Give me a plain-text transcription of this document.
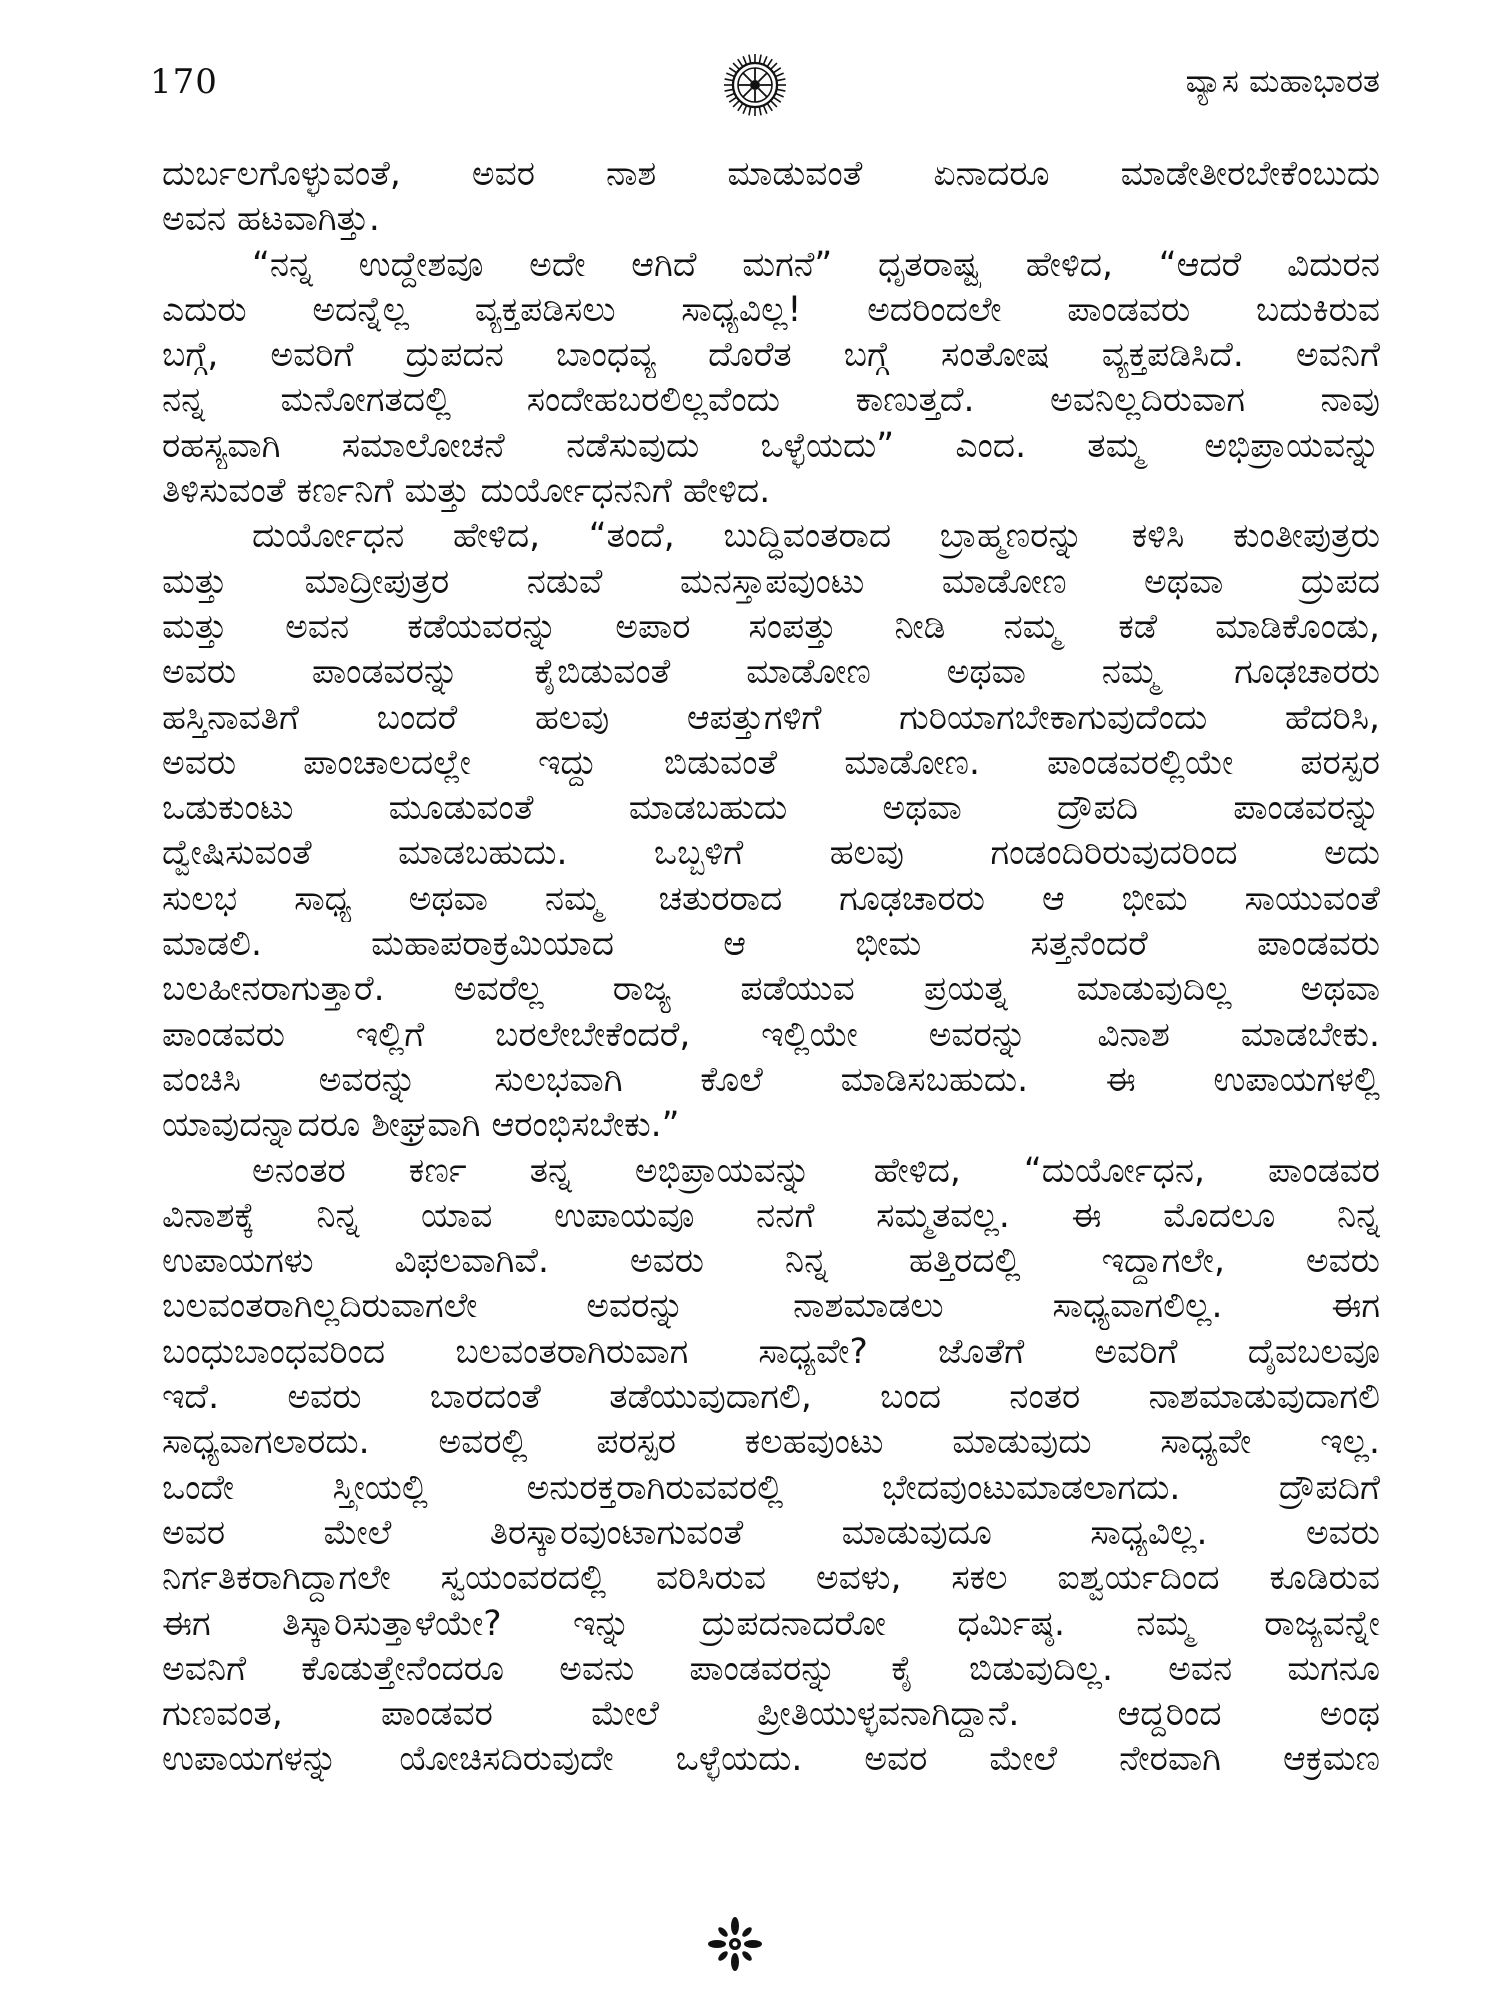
170	ವ್ಯಾಸ ಮಹಾಭಾರತ
ದುರ್ಬಲಗೊಳ್ಳುವಂತೆ, ಅವರ ನಾಶ ಮಾಡುವಂತೆ ಏನಾದರೂ ಮಾಡೇತೀರಬೇಕೆಂಬುದು
ಅವನ ಹಟವಾಗಿತ್ತು.
“ನನ್ನ ಉದ್ದೇಶವೂ ಅದೇ ಆಗಿದೆ ಮಗನೆ” ಧೃತರಾಷ್ಟ್ರ ಹೇಳಿದ, “ಆದರೆ ವಿದುರನ
ಎದುರು ಅದನ್ನೆಲ್ಲ ವ್ಯಕ್ತಪಡಿಸಲು ಸಾಧ್ಯವಿಲ್ಲ! ಅದರಿಂದಲೇ ಪಾಂಡವರು ಬದುಕಿರುವ
ಬಗ್ಗೆ, ಅವರಿಗೆ ದ್ರುಪದನ ಬಾಂಧವ್ಯ ದೊರೆತ ಬಗ್ಗೆ ಸಂತೋಷ ವ್ಯಕ್ತಪಡಿಸಿದೆ. ಅವನಿಗೆ
ನನ್ನ ಮನೋಗತದಲ್ಲಿ ಸಂದೇಹಬರಲಿಲ್ಲವೆಂದು ಕಾಣುತ್ತದೆ. ಅವನಿಲ್ಲದಿರುವಾಗ ನಾವು
ರಹಸ್ಯವಾಗಿ ಸಮಾಲೋಚನೆ ನಡೆಸುವುದು ಒಳ್ಳೆಯದು” ಎಂದ. ತಮ್ಮ ಅಭಿಪ್ರಾಯವನ್ನು
ತಿಳಿಸುವಂತೆ ಕರ್ಣನಿಗೆ ಮತ್ತು ದುರ್ಯೋಧನನಿಗೆ ಹೇಳಿದ.
ದುರ್ಯೋಧನ ಹೇಳಿದ, “ತಂದೆ, ಬುದ್ಧಿವಂತರಾದ ಬ್ರಾಹ್ಮಣರನ್ನು ಕಳಿಸಿ ಕುಂತೀಪುತ್ರರು
ಮತ್ತು ಮಾದ್ರೀಪುತ್ರರ ನಡುವೆ ಮನಸ್ತಾಪವುಂಟು ಮಾಡೋಣ ಅಥವಾ ದ್ರುಪದ
ಮತ್ತು ಅವನ ಕಡೆಯವರನ್ನು ಅಪಾರ ಸಂಪತ್ತು ನೀಡಿ ನಮ್ಮ ಕಡೆ ಮಾಡಿಕೊಂಡು,
ಅವರು ಪಾಂಡವರನ್ನು ಕೈಬಿಡುವಂತೆ ಮಾಡೋಣ ಅಥವಾ ನಮ್ಮ ಗೂಢಚಾರರು
ಹಸ್ತಿನಾವತಿಗೆ ಬಂದರೆ ಹಲವು ಆಪತ್ತುಗಳಿಗೆ ಗುರಿಯಾಗಬೇಕಾಗುವುದೆಂದು ಹೆದರಿಸಿ,
ಅವರು ಪಾಂಚಾಲದಲ್ಲೇ ಇದ್ದು ಬಿಡುವಂತೆ ಮಾಡೋಣ. ಪಾಂಡವರಲ್ಲಿಯೇ ಪರಸ್ಪರ
ಒಡುಕುಂಟು ಮೂಡುವಂತೆ ಮಾಡಬಹುದು ಅಥವಾ ದ್ರೌಪದಿ ಪಾಂಡವರನ್ನು
ದ್ವೇಷಿಸುವಂತೆ ಮಾಡಬಹುದು. ಒಬ್ಬಳಿಗೆ ಹಲವು ಗಂಡಂದಿರಿರುವುದರಿಂದ ಅದು
ಸುಲಭ ಸಾಧ್ಯ ಅಥವಾ ನಮ್ಮ ಚತುರರಾದ ಗೂಢಚಾರರು ಆ ಭೀಮ ಸಾಯುವಂತೆ
ಮಾಡಲಿ. ಮಹಾಪರಾಕ್ರಮಿಯಾದ ಆ ಭೀಮ ಸತ್ತನೆಂದರೆ ಪಾಂಡವರು
ಬಲಹೀನರಾಗುತ್ತಾರೆ. ಅವರೆಲ್ಲ ರಾಜ್ಯ ಪಡೆಯುವ ಪ್ರಯತ್ನ ಮಾಡುವುದಿಲ್ಲ ಅಥವಾ
ಪಾಂಡವರು ಇಲ್ಲಿಗೆ ಬರಲೇಬೇಕೆಂದರೆ, ಇಲ್ಲಿಯೇ ಅವರನ್ನು ವಿನಾಶ ಮಾಡಬೇಕು.
ವಂಚಿಸಿ ಅವರನ್ನು ಸುಲಭವಾಗಿ ಕೊಲೆ ಮಾಡಿಸಬಹುದು. ಈ ಉಪಾಯಗಳಲ್ಲಿ
ಯಾವುದನ್ನಾದರೂ ಶೀಘ್ರವಾಗಿ ಆರಂಭಿಸಬೇಕು.”
ಅನಂತರ ಕರ್ಣ ತನ್ನ ಅಭಿಪ್ರಾಯವನ್ನು ಹೇಳಿದ, “ದುರ್ಯೋಧನ, ಪಾಂಡವರ
ವಿನಾಶಕ್ಕೆ ನಿನ್ನ ಯಾವ ಉಪಾಯವೂ ನನಗೆ ಸಮ್ಮತವಲ್ಲ. ಈ ಮೊದಲೂ ನಿನ್ನ
ಉಪಾಯಗಳು ವಿಫಲವಾಗಿವೆ. ಅವರು ನಿನ್ನ ಹತ್ತಿರದಲ್ಲಿ ಇದ್ದಾಗಲೇ, ಅವರು
ಬಲವಂತರಾಗಿಲ್ಲದಿರುವಾಗಲೇ ಅವರನ್ನು ನಾಶಮಾಡಲು ಸಾಧ್ಯವಾಗಲಿಲ್ಲ. ಈಗ
ಬಂಧುಬಾಂಧವರಿಂದ ಬಲವಂತರಾಗಿರುವಾಗ ಸಾಧ್ಯವೇ? ಜೊತೆಗೆ ಅವರಿಗೆ ದೈವಬಲವೂ
ಇದೆ. ಅವರು ಬಾರದಂತೆ ತಡೆಯುವುದಾಗಲಿ, ಬಂದ ನಂತರ ನಾಶಮಾಡುವುದಾಗಲಿ
ಸಾಧ್ಯವಾಗಲಾರದು. ಅವರಲ್ಲಿ ಪರಸ್ಪರ ಕಲಹವುಂಟು ಮಾಡುವುದು ಸಾಧ್ಯವೇ ಇಲ್ಲ.
ಒಂದೇ ಸ್ತ್ರೀಯಲ್ಲಿ ಅನುರಕ್ತರಾಗಿರುವವರಲ್ಲಿ ಭೇದವುಂಟುಮಾಡಲಾಗದು. ದ್ರೌಪದಿಗೆ
ಅವರ ಮೇಲೆ ತಿರಸ್ಕಾರವುಂಟಾಗುವಂತೆ ಮಾಡುವುದೂ ಸಾಧ್ಯವಿಲ್ಲ. ಅವರು
ನಿರ್ಗತಿಕರಾಗಿದ್ದಾಗಲೇ ಸ್ವಯಂವರದಲ್ಲಿ ವರಿಸಿರುವ ಅವಳು, ಸಕಲ ಐಶ್ವರ್ಯದಿಂದ ಕೂಡಿರುವ
ಈಗ ತಿಸ್ಕಾರಿಸುತ್ತಾಳೆಯೇ? ಇನ್ನು ದ್ರುಪದನಾದರೋ ಧರ್ಮಿಷ್ಠ. ನಮ್ಮ ರಾಜ್ಯವನ್ನೇ
ಅವನಿಗೆ ಕೊಡುತ್ತೇನೆಂದರೂ ಅವನು ಪಾಂಡವರನ್ನು ಕೈ ಬಿಡುವುದಿಲ್ಲ. ಅವನ ಮಗನೂ
ಗುಣವಂತ, ಪಾಂಡವರ ಮೇಲೆ ಪ್ರೀತಿಯುಳ್ಳವನಾಗಿದ್ದಾನೆ. ಆದ್ದರಿಂದ ಅಂಥ
ಉಪಾಯಗಳನ್ನು ಯೋಚಿಸದಿರುವುದೇ ಒಳ್ಳೆಯದು. ಅವರ ಮೇಲೆ ನೇರವಾಗಿ ಆಕ್ರಮಣ
